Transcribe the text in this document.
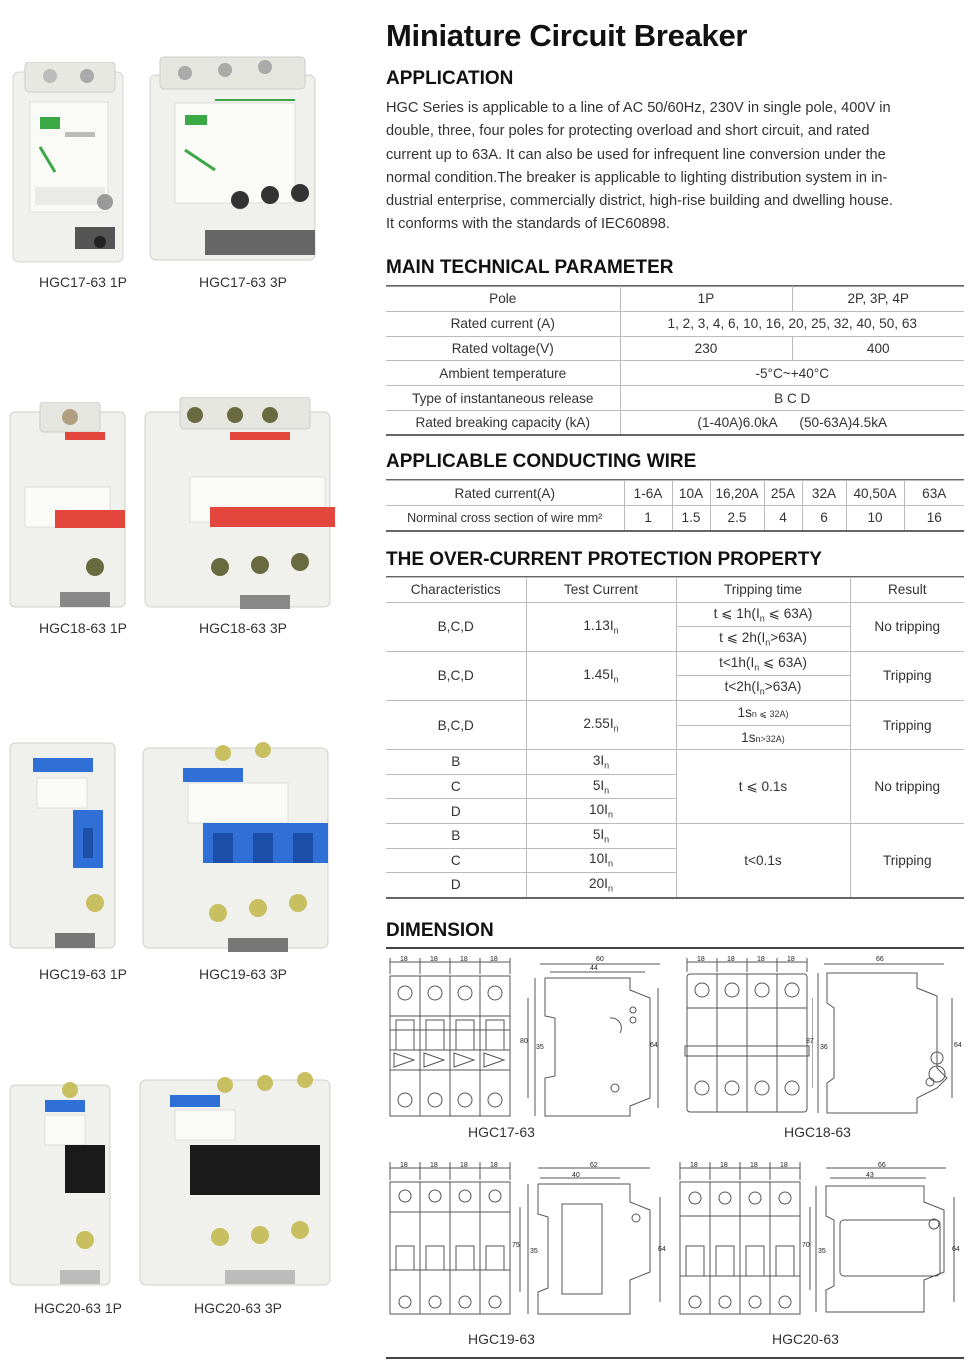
HGC17-63 1P	HGC17-63 3P
HGC18-63 1P	HGC18-63 3P
HGC19-63 1P	HGC19-63 3P
HGC20-63 1P	HGC20-63 3P
Miniature Circuit Breaker
APPLICATION

HGC Series is applicable to a line of AC 50/60Hz, 230V in single pole, 400V in

double, three, four poles for protecting overload and short circuit, and rated

current up to 63A. It can also be used for infrequent line conversion under the

normal condition.The breaker is applicable to lighting distribution system in in-

dustrial enterprise, commercially district, high-rise building and dwelling house.

It conforms with the standards of IEC60898.

MAIN TECHNICAL PARAMETER
Pole	1P	2P, 3P, 4P
Rated current (A)	1, 2, 3, 4, 6, 10, 16, 20, 25, 32, 40, 50, 63	
Rated voltage(V)	230	400
Ambient temperature	-5°C~+40°C	
Type of instantaneous release	B C D	
Rated breaking capacity (kA)	(1-40A)6.0kA      (50-63A)4.5kA	
APPLICABLE CONDUCTING WIRE
Rated current(A)	1-6A	10A	16,20A	25A	32A	40,50A	63A
Norminal cross section of wire mm²	1	1.5	2.5	4	6	10	16
THE OVER-CURRENT PROTECTION PROPERTY
Characteristics	Test Current	Tripping time	Result
B,C,D	$1.13I_n$	t ⩽ $1h(I_n$ ⩽ 63A)	No tripping
		t ⩽ $2h(I_n>63A)$	
B,C,D	$1.45I_n$	$t<1h(I_n$ ⩽ 63A)	Tripping
		$t<2h(I_n>63A)$	
B,C,D	$2.55I_n$	1sn ⩽ 32A)	Tripping
		1sn>32A)	
B	$3I_n$	t ⩽ 0.1s	No tripping
C	$5I_n$
D	$10I_n$
B	$5I_n$	t<0.1s	Tripping
C	$10I_n$
D	$20I_n$
DIMENSION
18	18	18	18	60
44
80
35	64
HGC17-63
18	18	18	18	66
87
36	64
HGC18-63
18	18	18	18	62
40
75
35	64
HGC19-63
18	18	18	18	66
43
70
35	64
HGC20-63
